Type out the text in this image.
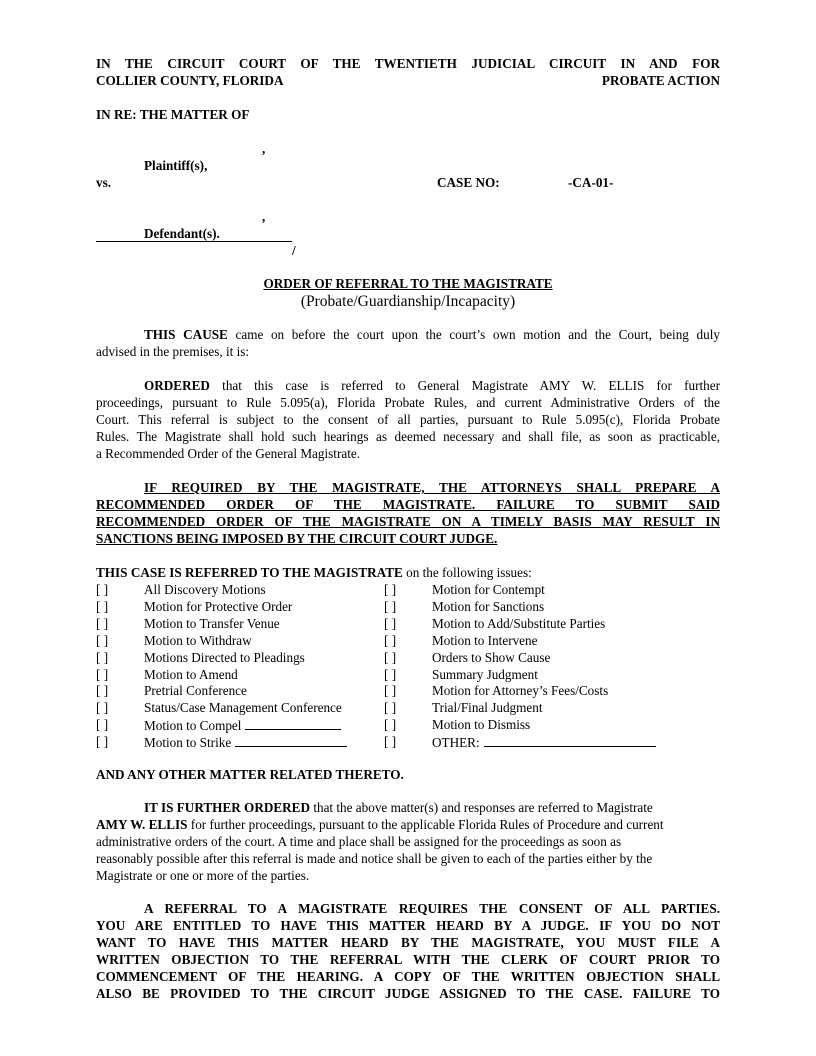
IN THE CIRCUIT COURT OF THE TWENTIETH JUDICIAL CIRCUIT IN AND FOR
COLLIER COUNTY, FLORIDA	PROBATE ACTION
IN RE: THE MATTER OF
,
Plaintiff(s),
vs.	CASE NO:	-CA-01-
,
Defendant(s).
/
ORDER OF REFERRAL TO THE MAGISTRATE
(Probate/Guardianship/Incapacity)
THIS CAUSE came on before the court upon the court’s own motion and the Court, being duly
advised in the premises, it is:
ORDERED that this case is referred to General Magistrate AMY W. ELLIS for further
proceedings, pursuant to Rule 5.095(a), Florida Probate Rules, and current Administrative Orders of the
Court. This referral is subject to the consent of all parties, pursuant to Rule 5.095(c), Florida Probate
Rules. The Magistrate shall hold such hearings as deemed necessary and shall file, as soon as practicable,
a Recommended Order of the General Magistrate.
IF REQUIRED BY THE MAGISTRATE, THE ATTORNEYS SHALL PREPARE A
RECOMMENDED ORDER OF THE MAGISTRATE. FAILURE TO SUBMIT SAID
RECOMMENDED ORDER OF THE MAGISTRATE ON A TIMELY BASIS MAY RESULT IN
SANCTIONS BEING IMPOSED BY THE CIRCUIT COURT JUDGE.
THIS CASE IS REFERRED TO THE MAGISTRATE on the following issues:
[ ]	All Discovery Motions
[ ]	Motion for Protective Order
[ ]	Motion to Transfer Venue
[ ]	Motion to Withdraw
[ ]	Motions Directed to Pleadings
[ ]	Motion to Amend
[ ]	Pretrial Conference
[ ]	Status/Case Management Conference
[ ]	Motion to Compel
[ ]	Motion to Strike
[ ]	Motion for Contempt
[ ]	Motion for Sanctions
[ ]	Motion to Add/Substitute Parties
[ ]	Motion to Intervene
[ ]	Orders to Show Cause
[ ]	Summary Judgment
[ ]	Motion for Attorney’s Fees/Costs
[ ]	Trial/Final Judgment
[ ]	Motion to Dismiss
[ ]	OTHER:
AND ANY OTHER MATTER RELATED THERETO.
IT IS FURTHER ORDERED that the above matter(s) and responses are referred to Magistrate
AMY W. ELLIS for further proceedings, pursuant to the applicable Florida Rules of Procedure and current
administrative orders of the court. A time and place shall be assigned for the proceedings as soon as
reasonably possible after this referral is made and notice shall be given to each of the parties either by the
Magistrate or one or more of the parties.
A REFERRAL TO A MAGISTRATE REQUIRES THE CONSENT OF ALL PARTIES.
YOU ARE ENTITLED TO HAVE THIS MATTER HEARD BY A JUDGE. IF YOU DO NOT
WANT TO HAVE THIS MATTER HEARD BY THE MAGISTRATE, YOU MUST FILE A
WRITTEN OBJECTION TO THE REFERRAL WITH THE CLERK OF COURT PRIOR TO
COMMENCEMENT OF THE HEARING. A COPY OF THE WRITTEN OBJECTION SHALL
ALSO BE PROVIDED TO THE CIRCUIT JUDGE ASSIGNED TO THE CASE. FAILURE TO
